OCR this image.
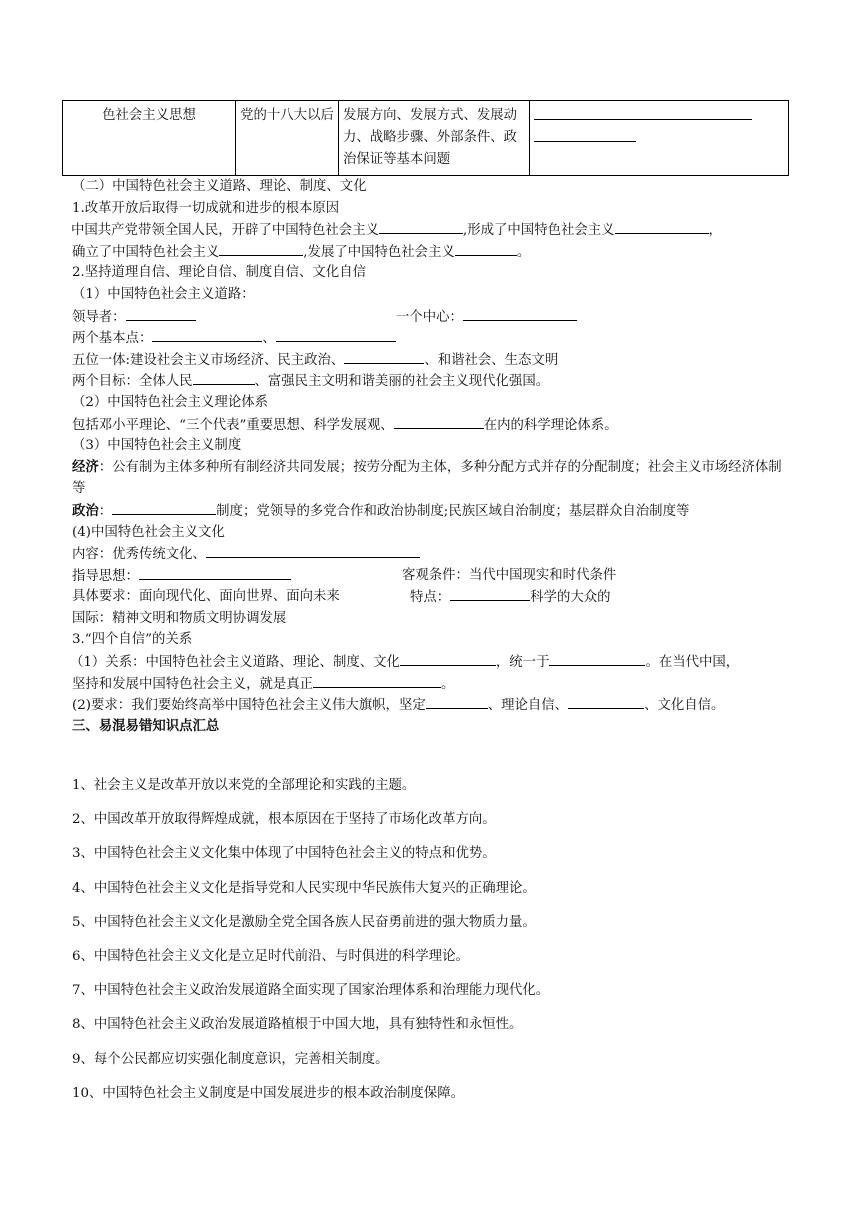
色社会主义思想	党的十八大以后	发展方向、发展方式、发展动力、战略步骤、外部条件、政治保证等基本问题	
（二）中国特色社会主义道路、理论、制度、文化
1.改革开放后取得一切成就和进步的根本原因
中国共产党带领全国人民，开辟了中国特色社会主义	,形成了中国特色社会主义	，
确立了中国特色社会主义	,发展了中国特色社会主义	。
2.坚持道理自信、理论自信、制度自信、文化自信
（1）中国特色社会主义道路：
领导者：	一个中心：
两个基本点：	、
五位一体:建设社会主义市场经济、民主政治、	、和谐社会、生态文明
两个目标：全体人民	、富强民主文明和谐美丽的社会主义现代化强国。
（2）中国特色社会主义理论体系
包括邓小平理论、“三个代表”重要思想、科学发展观、	在内的科学理论体系。
（3）中国特色社会主义制度
经济：公有制为主体多种所有制经济共同发展；按劳分配为主体，多种分配方式并存的分配制度；社会主义市场经济体制等
政治：	制度；党领导的多党合作和政治协制度;民族区域自治制度；基层群众自治制度等
(4)中国特色社会主义文化
内容：优秀传统文化、
指导思想：	客观条件：当代中国现实和时代条件
具体要求：面向现代化、面向世界、面向未来	特点：	科学的大众的
国际：精神文明和物质文明协调发展
3.“四个自信”的关系
（1）关系：中国特色社会主义道路、理论、制度、文化	，统一于	。在当代中国，
坚持和发展中国特色社会主义，就是真正	。
(2)要求：我们要始终高举中国特色社会主义伟大旗帜，坚定	、理论自信、	、文化自信。
三、易混易错知识点汇总
1、社会主义是改革开放以来党的全部理论和实践的主题。
2、中国改革开放取得辉煌成就，根本原因在于坚持了市场化改革方向。
3、中国特色社会主义文化集中体现了中国特色社会主义的特点和优势。
4、中国特色社会主义文化是指导党和人民实现中华民族伟大复兴的正确理论。
5、中国特色社会主义文化是激励全党全国各族人民奋勇前进的强大物质力量。
6、中国特色社会主义文化是立足时代前沿、与时俱进的科学理论。
7、中国特色社会主义政治发展道路全面实现了国家治理体系和治理能力现代化。
8、中国特色社会主义政治发展道路植根于中国大地，具有独特性和永恒性。
9、每个公民都应切实强化制度意识，完善相关制度。
10、中国特色社会主义制度是中国发展进步的根本政治制度保障。
